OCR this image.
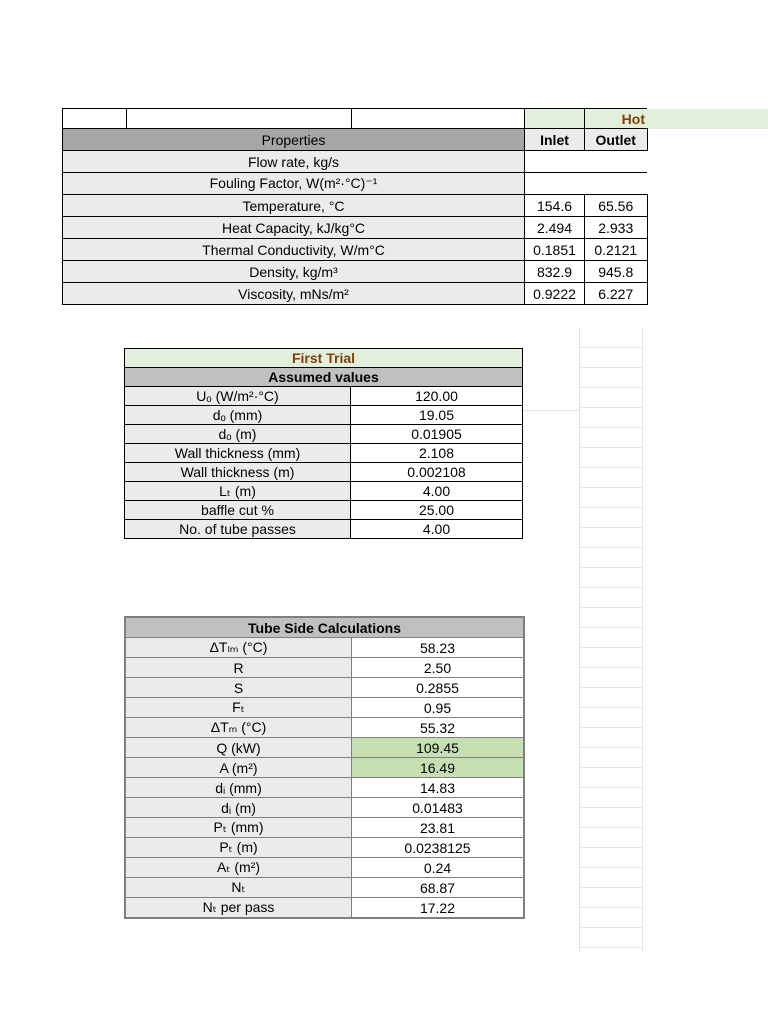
				Hot
Properties			Inlet	Outlet
Flow rate, kg/s				
Fouling Factor, W(m²·°C)⁻¹				
Temperature, °C			154.6	65.56
Heat Capacity, kJ/kg°C			2.494	2.933
Thermal Conductivity, W/m°C			0.1851	0.2121
Density, kg/m³			832.9	945.8
Viscosity, mNs/m²			0.9222	6.227
First Trial	
Assumed values	
Uₒ (W/m²·°C)	120.00
dₒ (mm)	19.05
dₒ (m)	0.01905
Wall thickness (mm)	2.108
Wall thickness (m)	0.002108
Lₜ (m)	4.00
baffle cut %	25.00
No. of tube passes	4.00
Tube Side Calculations	
ΔTₗₘ (°C)	58.23
R	2.50
S	0.2855
Fₜ	0.95
ΔTₘ (°C)	55.32
Q (kW)	109.45
A (m²)	16.49
dᵢ (mm)	14.83
dᵢ (m)	0.01483
Pₜ (mm)	23.81
Pₜ (m)	0.0238125
Aₜ (m²)	0.24
Nₜ	68.87
Nₜ per pass	17.22
